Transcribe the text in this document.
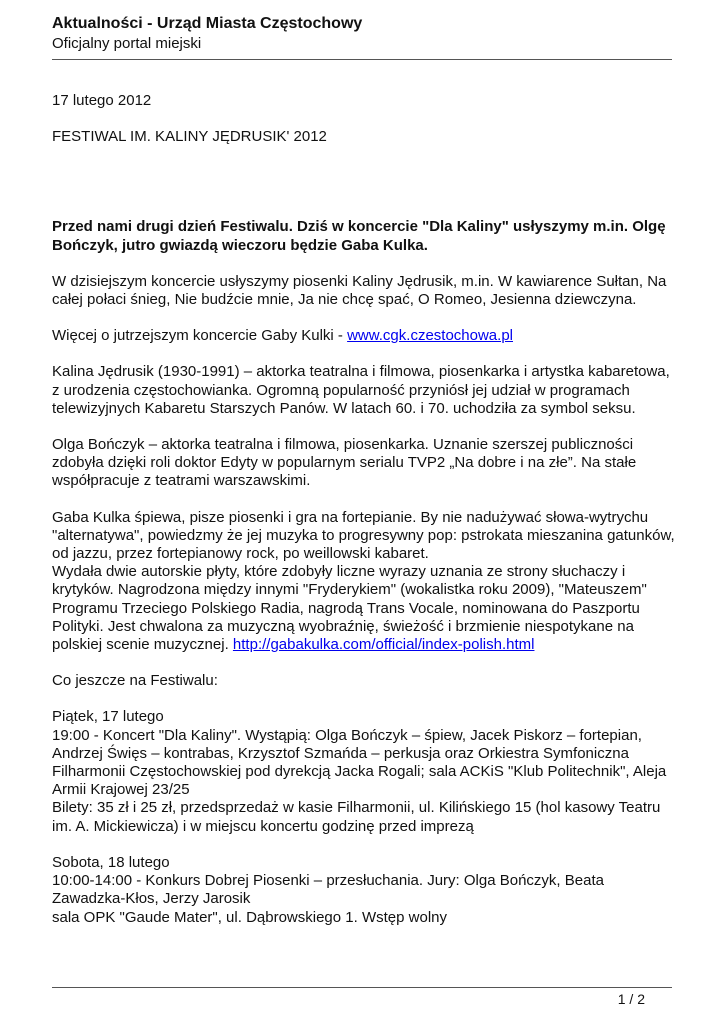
Aktualności - Urząd Miasta Częstochowy
Oficjalny portal miejski

17 lutego 2012

FESTIWAL IM. KALINY JĘDRUSIK' 2012

Przed nami drugi dzień Festiwalu. Dziś w koncercie "Dla Kaliny" usłyszymy m.in. Olgę Bończyk, jutro gwiazdą wieczoru będzie Gaba Kulka.

W dzisiejszym koncercie usłyszymy piosenki Kaliny Jędrusik, m.in. W kawiarence Sułtan, Na całej połaci śnieg, Nie budźcie mnie, Ja nie chcę spać, O Romeo, Jesienna dziewczyna.

Więcej o jutrzejszym koncercie Gaby Kulki - www.cgk.czestochowa.pl

Kalina Jędrusik (1930-1991) – aktorka teatralna i filmowa, piosenkarka i artystka kabaretowa, z urodzenia częstochowianka. Ogromną popularność przyniósł jej udział w programach telewizyjnych Kabaretu Starszych Panów. W latach 60. i 70. uchodziła za symbol seksu.

Olga Bończyk – aktorka teatralna i filmowa, piosenkarka. Uznanie szerszej publiczności zdobyła dzięki roli doktor Edyty w popularnym serialu TVP2 „Na dobre i na złe”. Na stałe współpracuje z teatrami warszawskimi.

Gaba Kulka śpiewa, pisze piosenki i gra na fortepianie. By nie nadużywać słowa-wytrychu "alternatywa", powiedzmy że jej muzyka to progresywny pop: pstrokata mieszanina gatunków, od jazzu, przez fortepianowy rock, po weillowski kabaret.

Wydała dwie autorskie płyty, które zdobyły liczne wyrazy uznania ze strony słuchaczy i krytyków. Nagrodzona między innymi "Fryderykiem" (wokalistka roku 2009), "Mateuszem" Programu Trzeciego Polskiego Radia, nagrodą Trans Vocale, nominowana do Paszportu Polityki. Jest chwalona za muzyczną wyobraźnię, świeżość i brzmienie niespotykane na polskiej scenie muzycznej. http://gabakulka.com/official/index-polish.html

Co jeszcze na Festiwalu:

Piątek, 17 lutego

19:00 - Koncert "Dla Kaliny". Wystąpią: Olga Bończyk – śpiew, Jacek Piskorz – fortepian, Andrzej Święs – kontrabas, Krzysztof Szmańda – perkusja oraz Orkiestra Symfoniczna Filharmonii Częstochowskiej pod dyrekcją Jacka Rogali; sala ACKiS "Klub Politechnik", Aleja Armii Krajowej 23/25

Bilety: 35 zł i 25 zł, przedsprzedaż w kasie Filharmonii, ul. Kilińskiego 15 (hol kasowy Teatru im. A. Mickiewicza) i w miejscu koncertu godzinę przed imprezą

Sobota, 18 lutego

10:00-14:00 - Konkurs Dobrej Piosenki – przesłuchania. Jury: Olga Bończyk, Beata Zawadzka-Kłos, Jerzy Jarosik

sala OPK "Gaude Mater", ul. Dąbrowskiego 1. Wstęp wolny

1 / 2
